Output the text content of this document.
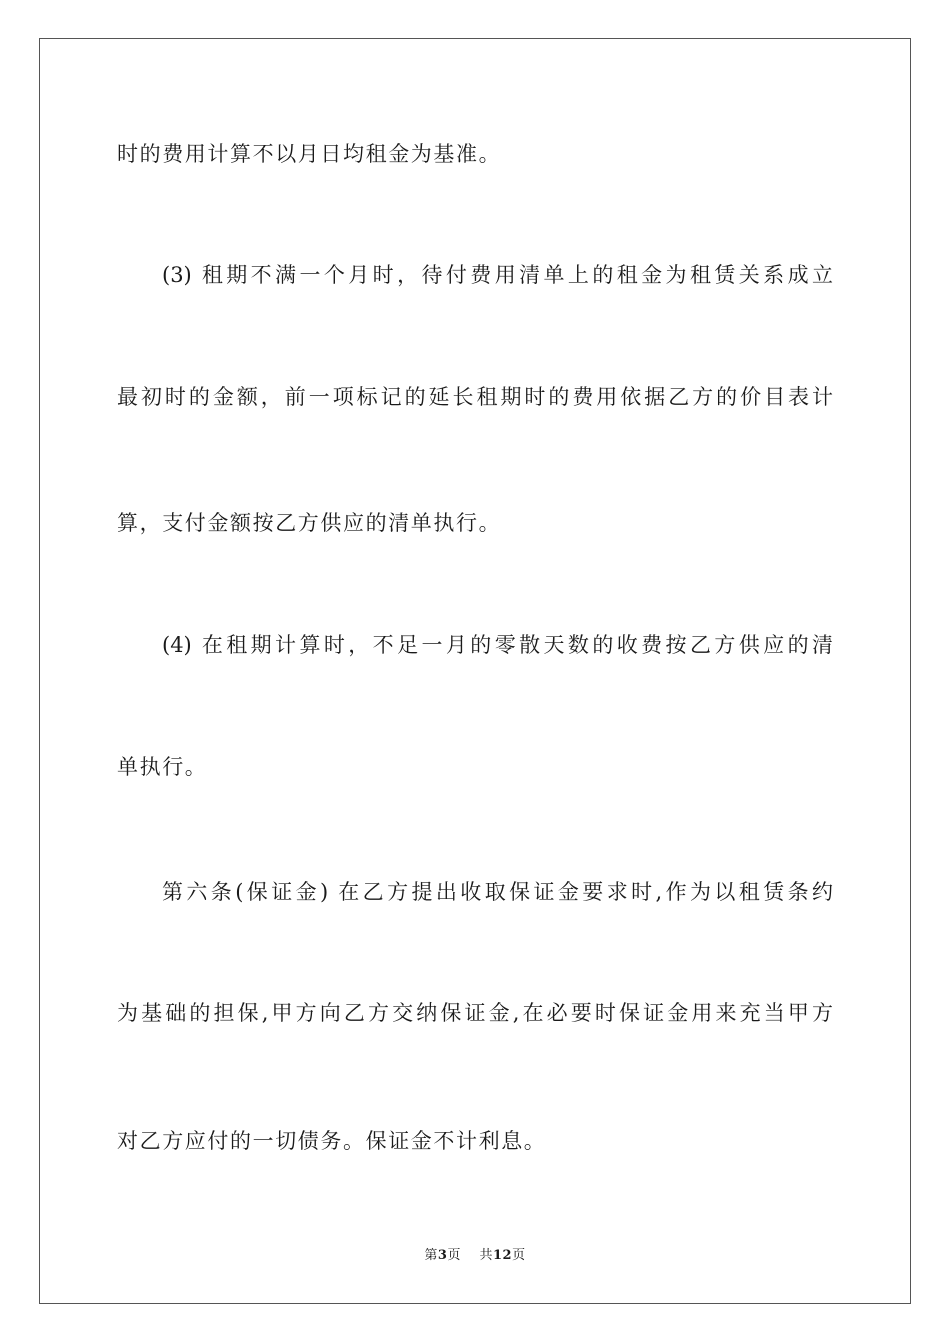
时的费用计算不以月日均租金为基准。
(3) 租期不满一个月时，待付费用清单上的租金为租赁关系成立
最初时的金额，前一项标记的延长租期时的费用依据乙方的价目表计
算，支付金额按乙方供应的清单执行。
(4) 在租期计算时，不足一月的零散天数的收费按乙方供应的清
单执行。
第六条(保证金) 在乙方提出收取保证金要求时,作为以租赁条约
为基础的担保,甲方向乙方交纳保证金,在必要时保证金用来充当甲方
对乙方应付的一切债务。保证金不计利息。
第3页 共12页
